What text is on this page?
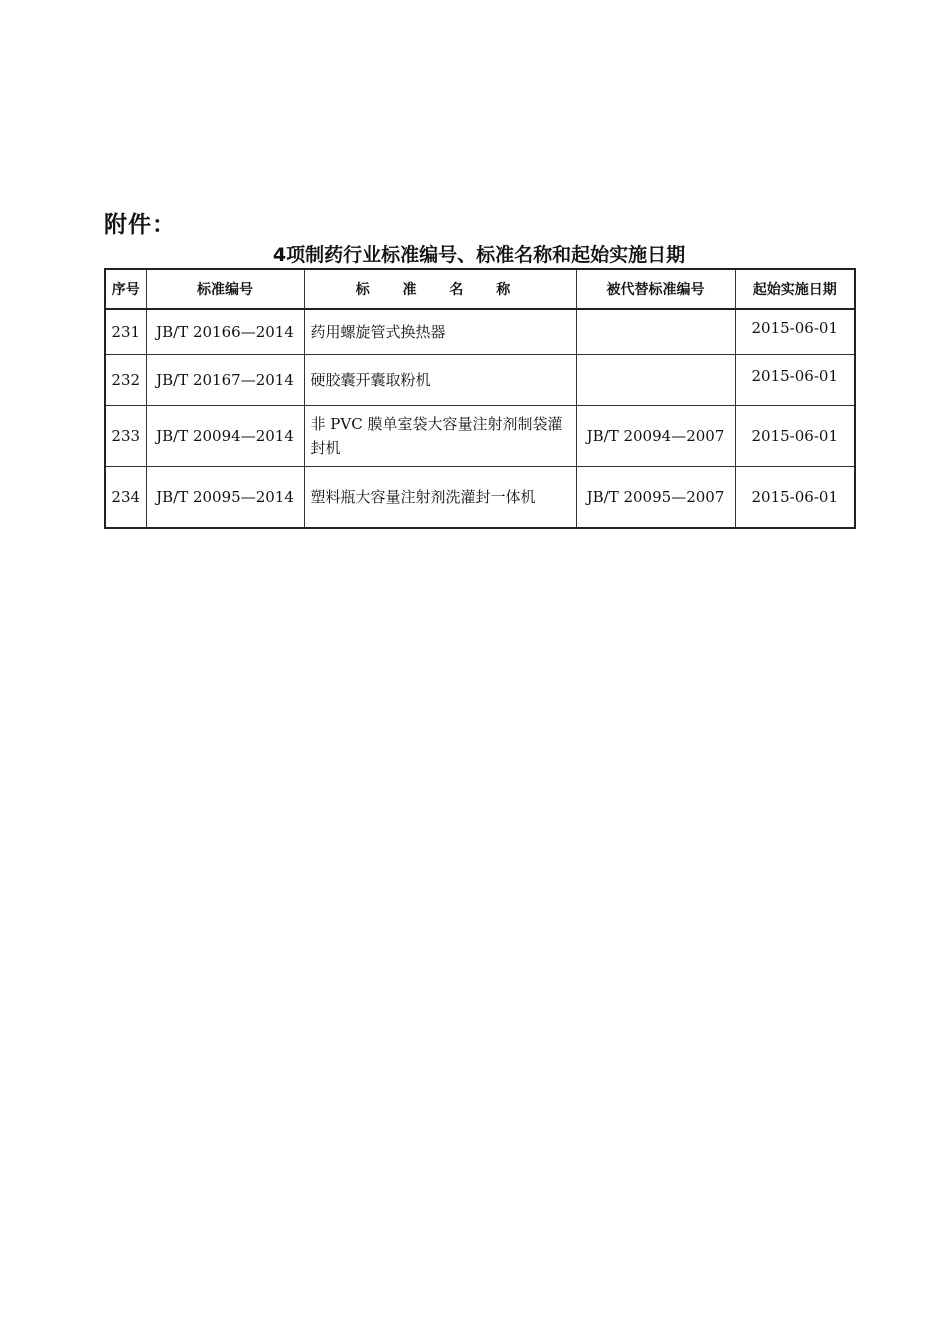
附件：
4项制药行业标准编号、标准名称和起始实施日期
序号	标准编号	标 准 名 称	被代替标准编号	起始实施日期
231	JB/T 20166—2014	药用螺旋管式换热器		2015-06-01
232	JB/T 20167—2014	硬胶囊开囊取粉机		2015-06-01
233	JB/T 20094—2014	非 PVC 膜单室袋大容量注射剂制袋灌封机	JB/T 20094—2007	2015-06-01
234	JB/T 20095—2014	塑料瓶大容量注射剂洗灌封一体机	JB/T 20095—2007	2015-06-01
